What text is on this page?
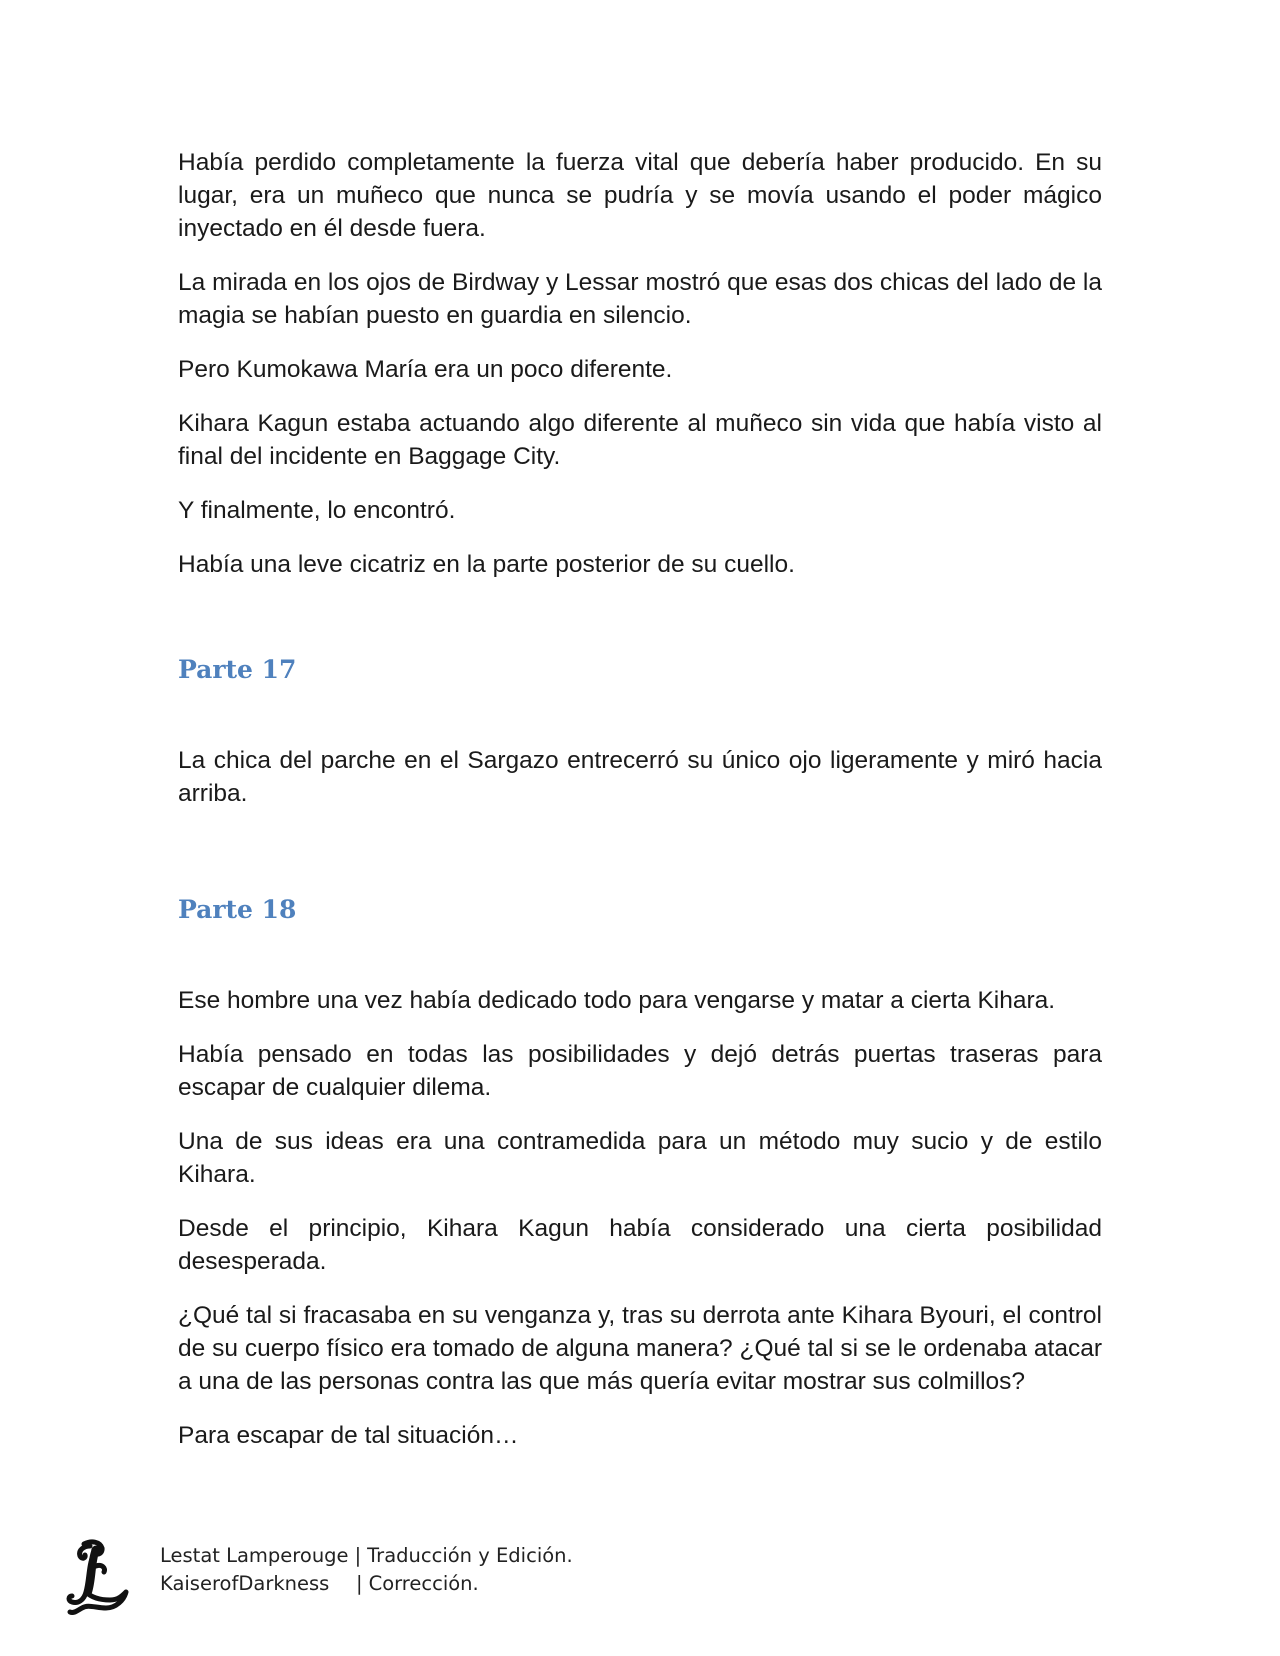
Había perdido completamente la fuerza vital que debería haber producido. En su lugar, era un muñeco que nunca se pudría y se movía usando el poder mágico inyectado en él desde fuera.

La mirada en los ojos de Birdway y Lessar mostró que esas dos chicas del lado de la magia se habían puesto en guardia en silencio.

Pero Kumokawa María era un poco diferente.

Kihara Kagun estaba actuando algo diferente al muñeco sin vida que había visto al final del incidente en Baggage City.

Y finalmente, lo encontró.

Había una leve cicatriz en la parte posterior de su cuello.

Parte 17

La chica del parche en el Sargazo entrecerró su único ojo ligeramente y miró hacia arriba.

Parte 18

Ese hombre una vez había dedicado todo para vengarse y matar a cierta Kihara.

Había pensado en todas las posibilidades y dejó detrás puertas traseras para escapar de cualquier dilema.

Una de sus ideas era una contramedida para un método muy sucio y de estilo Kihara.

Desde el principio, Kihara Kagun había considerado una cierta posibilidad desesperada.

¿Qué tal si fracasaba en su venganza y, tras su derrota ante Kihara Byouri, el control de su cuerpo físico era tomado de alguna manera? ¿Qué tal si se le ordenaba atacar a una de las personas contra las que más quería evitar mostrar sus colmillos?

Para escapar de tal situación…

Lestat Lamperouge | Traducción y Edición.
KaiserofDarkness	| Corrección.
